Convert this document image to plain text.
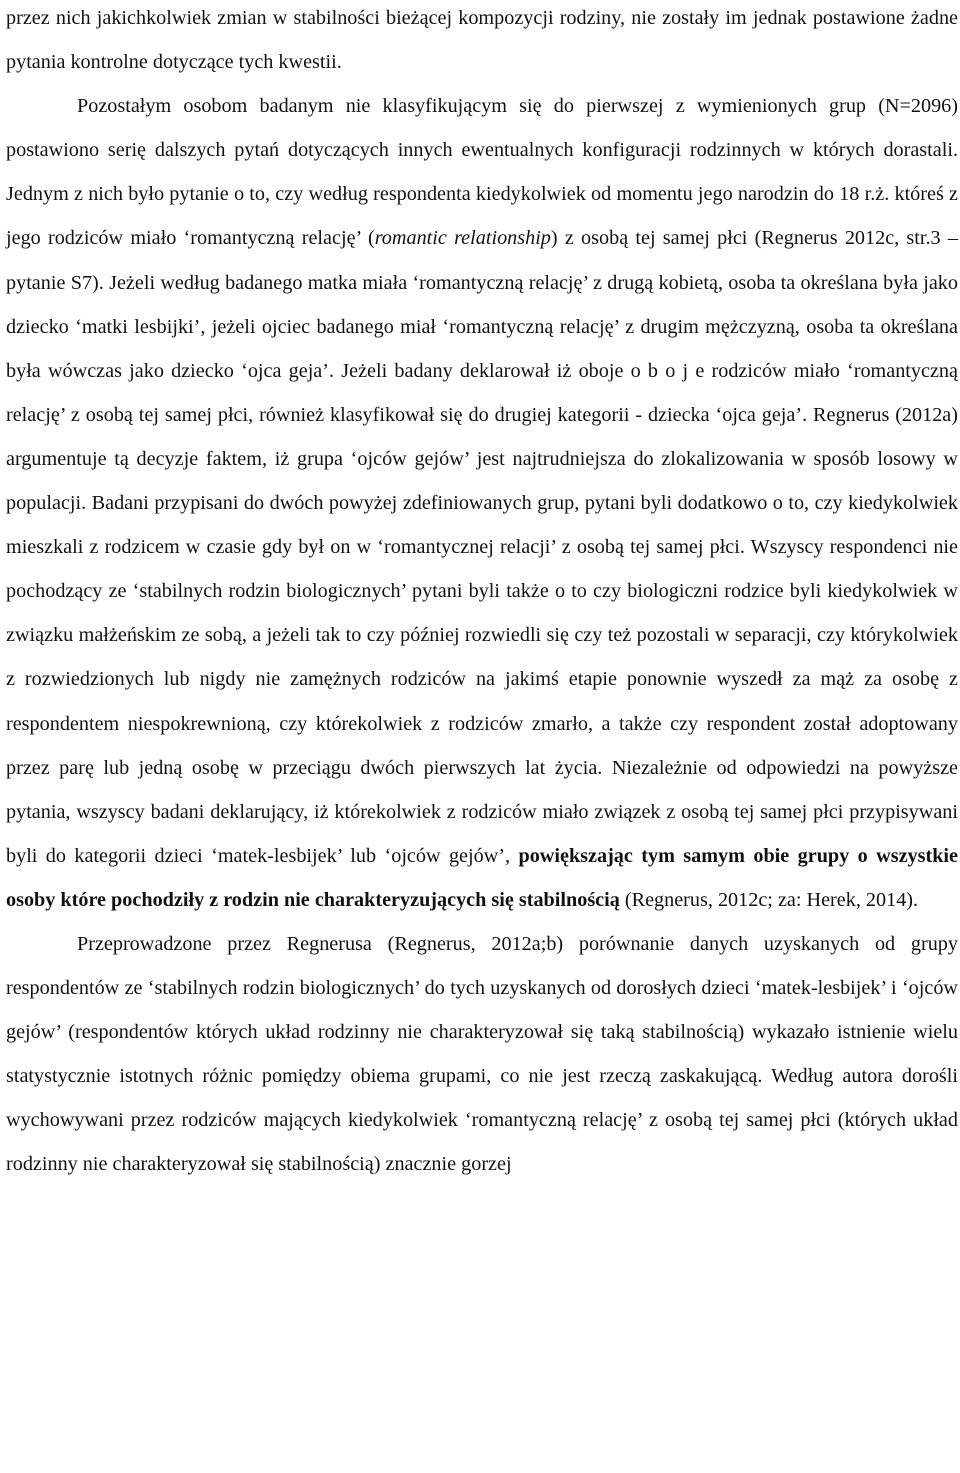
przez nich jakichkolwiek zmian w stabilności bieżącej kompozycji rodziny, nie zostały im jednak postawione żadne pytania kontrolne dotyczące tych kwestii.

Pozostałym osobom badanym nie klasyfikującym się do pierwszej z wymienionych grup (N=2096) postawiono serię dalszych pytań dotyczących innych ewentualnych konfiguracji rodzinnych w których dorastali. Jednym z nich było pytanie o to, czy według respondenta kiedykolwiek od momentu jego narodzin do 18 r.ż. któreś z jego rodziców miało ‘romantyczną relację’ (romantic relationship) z osobą tej samej płci (Regnerus 2012c, str.3 – pytanie S7). Jeżeli według badanego matka miała ‘romantyczną relację’ z drugą kobietą, osoba ta określana była jako dziecko ‘matki lesbijki’, jeżeli ojciec badanego miał ‘romantyczną relację’ z drugim mężczyzną, osoba ta określana była wówczas jako dziecko ‘ojca geja’. Jeżeli badany deklarował iż oboje o b o j e rodziców miało ‘romantyczną relację’ z osobą tej samej płci, również klasyfikował się do drugiej kategorii - dziecka ‘ojca geja’. Regnerus (2012a) argumentuje tą decyzje faktem, iż grupa ‘ojców gejów’ jest najtrudniejsza do zlokalizowania w sposób losowy w populacji. Badani przypisani do dwóch powyżej zdefiniowanych grup, pytani byli dodatkowo o to, czy kiedykolwiek mieszkali z rodzicem w czasie gdy był on w ‘romantycznej relacji’ z osobą tej samej płci. Wszyscy respondenci nie pochodzący ze ‘stabilnych rodzin biologicznych’ pytani byli także o to czy biologiczni rodzice byli kiedykolwiek w związku małżeńskim ze sobą, a jeżeli tak to czy później rozwiedli się czy też pozostali w separacji, czy którykolwiek z rozwiedzionych lub nigdy nie zamężnych rodziców na jakimś etapie ponownie wyszedł za mąż za osobę z respondentem niespokrewnioną, czy którekolwiek z rodziców zmarło, a także czy respondent został adoptowany przez parę lub jedną osobę w przeciągu dwóch pierwszych lat życia. Niezależnie od odpowiedzi na powyższe pytania, wszyscy badani deklarujący, iż którekolwiek z rodziców miało związek z osobą tej samej płci przypisywani byli do kategorii dzieci ‘matek-lesbijek’ lub ‘ojców gejów’, powiększając tym samym obie grupy o wszystkie osoby które pochodziły z rodzin nie charakteryzujących się stabilnością (Regnerus, 2012c; za: Herek, 2014).

Przeprowadzone przez Regnerusa (Regnerus, 2012a;b) porównanie danych uzyskanych od grupy respondentów ze ‘stabilnych rodzin biologicznych’ do tych uzyskanych od dorosłych dzieci ‘matek-lesbijek’ i ‘ojców gejów’ (respondentów których układ rodzinny nie charakteryzował się taką stabilnością) wykazało istnienie wielu statystycznie istotnych różnic pomiędzy obiema grupami, co nie jest rzeczą zaskakującą. Według autora dorośli wychowywani przez rodziców mających kiedykolwiek ‘romantyczną relację’ z osobą tej samej płci (których układ rodzinny nie charakteryzował się stabilnością) znacznie gorzej
